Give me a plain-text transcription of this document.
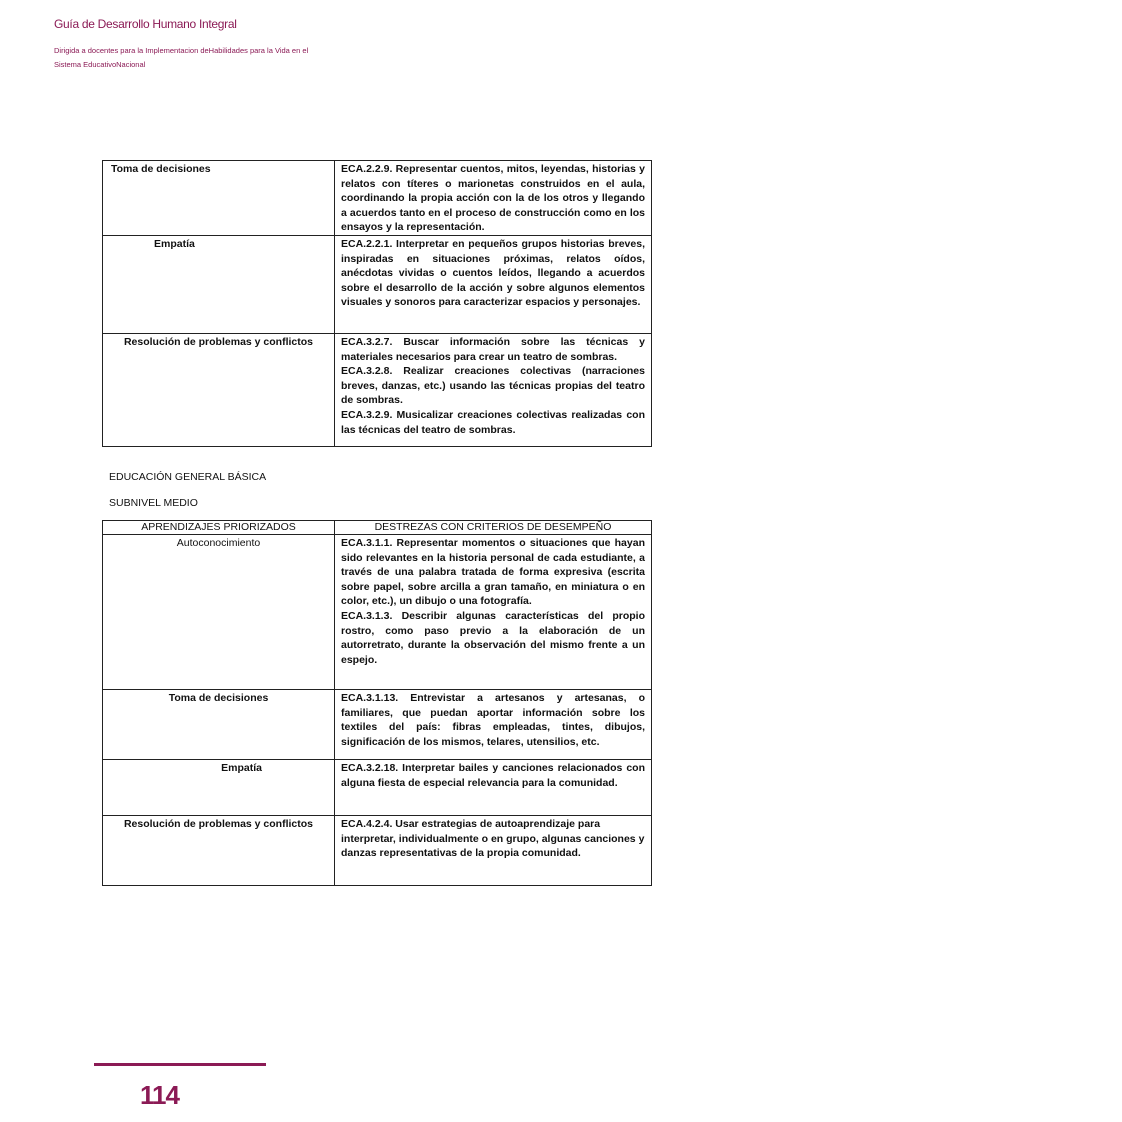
Guía de Desarrollo Humano Integral
Dirigida a docentes para la Implementacion deHabilidades para la Vida en el Sistema EducativoNacional
Toma de decisiones	ECA.2.2.9. Representar cuentos, mitos, leyendas, historias y relatos con títeres o marionetas construidos en el aula, coordinando la propia acción con la de los otros y llegando a acuerdos tanto en el proceso de construcción como en los ensayos y la representación.

Empatía	ECA.2.2.1. Interpretar en pequeños grupos historias breves, inspiradas en situaciones próximas, relatos oídos, anécdotas vividas o cuentos leídos, llegando a acuerdos sobre el desarrollo de la acción y sobre algunos elementos visuales y sonoros para caracterizar espacios y personajes.

Resolución de problemas y conflictos	ECA.3.2.7. Buscar información sobre las técnicas y materiales necesarios para crear un teatro de sombras.

ECA.3.2.8. Realizar creaciones colectivas (narraciones breves, danzas, etc.) usando las técnicas propias del teatro de sombras.

ECA.3.2.9. Musicalizar creaciones colectivas realizadas con las técnicas del teatro de sombras.

EDUCACIÓN GENERAL BÁSICA
SUBNIVEL MEDIO
APRENDIZAJES PRIORIZADOS	DESTREZAS CON CRITERIOS DE DESEMPEÑO
Autoconocimiento	ECA.3.1.1. Representar momentos o situaciones que hayan sido relevantes en la historia personal de cada estudiante, a través de una palabra tratada de forma expresiva (escrita sobre papel, sobre arcilla a gran tamaño, en miniatura o en color, etc.), un dibujo o una fotografía.

ECA.3.1.3. Describir algunas características del propio rostro, como paso previo a la elaboración de un autorretrato, durante la observación del mismo frente a un espejo.

Toma de decisiones	ECA.3.1.13. Entrevistar a artesanos y artesanas, o familiares, que puedan aportar información sobre los textiles del país: fibras empleadas, tintes, dibujos, significación de los mismos, telares, utensilios, etc.

Empatía	ECA.3.2.18. Interpretar bailes y canciones relacionados con alguna fiesta de especial relevancia para la comunidad.

Resolución de problemas y conflictos	ECA.4.2.4. Usar estrategias de autoaprendizaje para interpretar, individualmente o en grupo, algunas canciones y danzas representativas de la propia comunidad.

114
